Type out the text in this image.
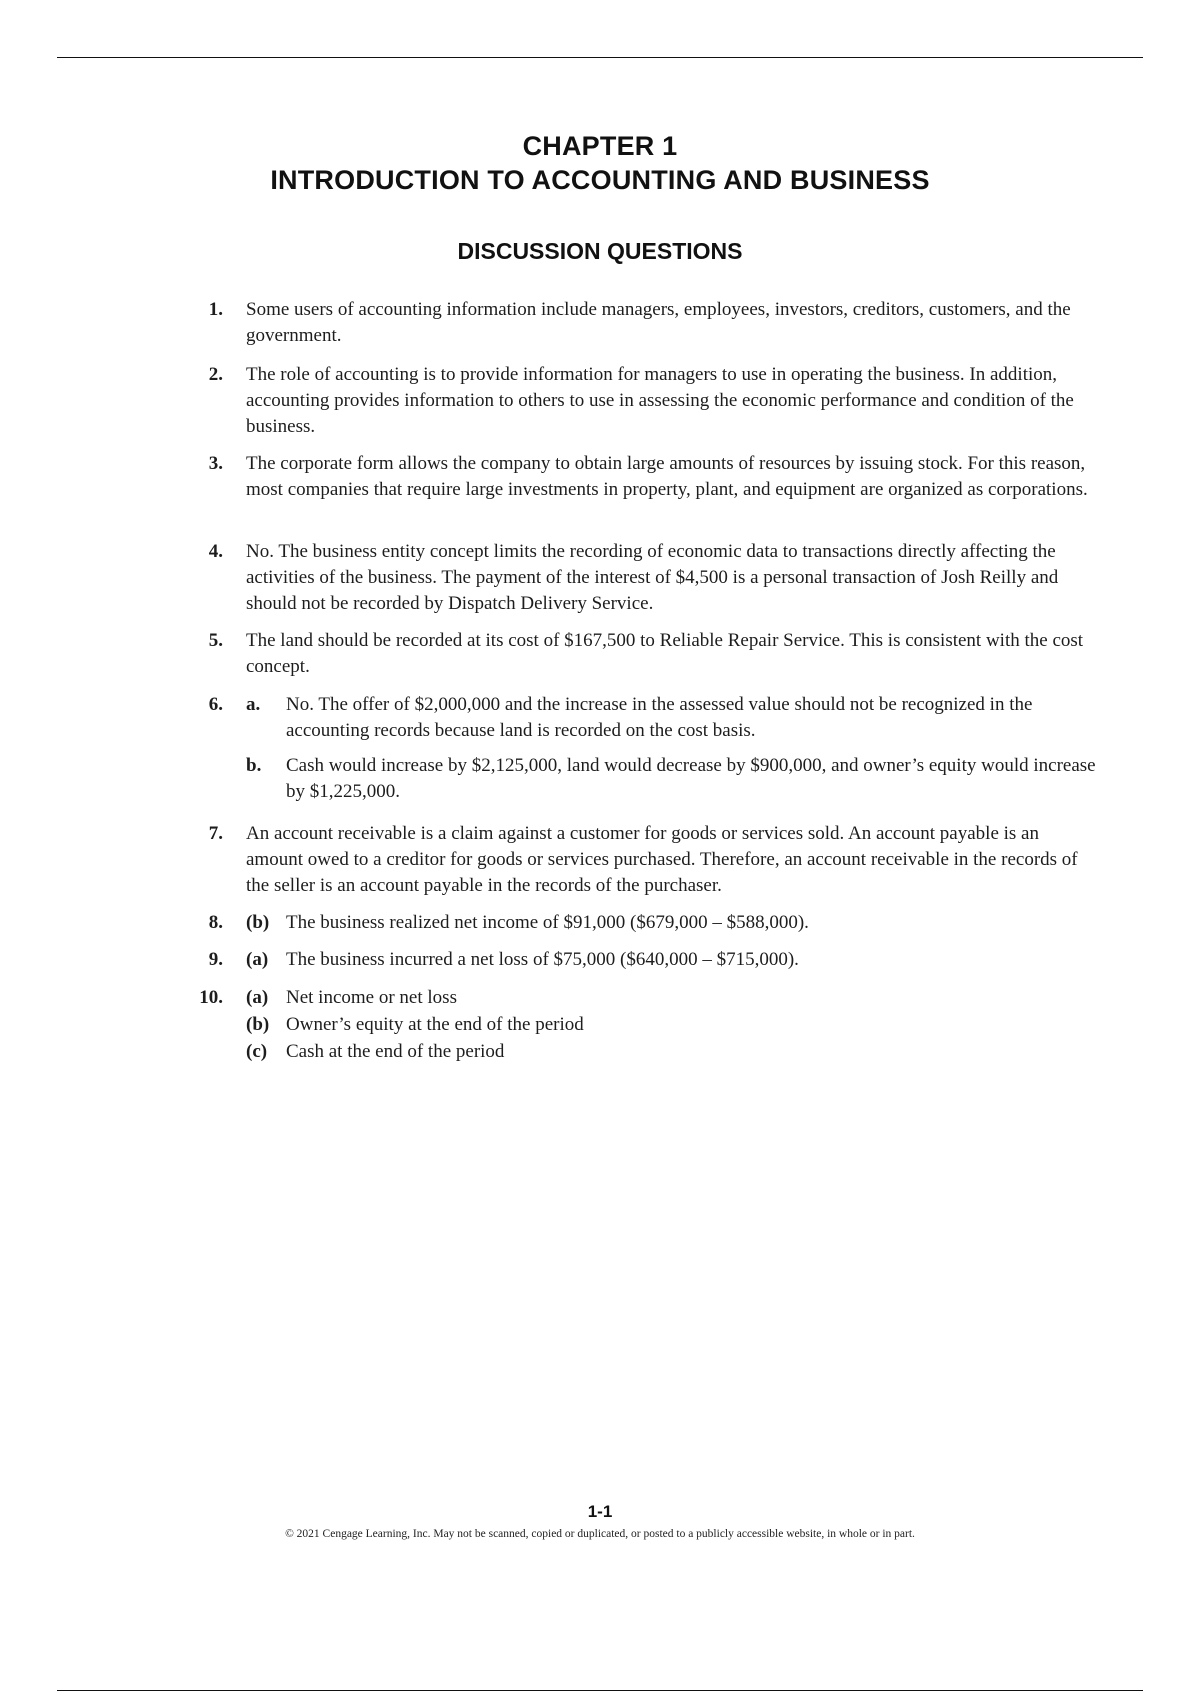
CHAPTER 1
INTRODUCTION TO ACCOUNTING AND BUSINESS
DISCUSSION QUESTIONS
1. Some users of accounting information include managers, employees, investors, creditors, customers, and the government.
2. The role of accounting is to provide information for managers to use in operating the business. In addition, accounting provides information to others to use in assessing the economic performance and condition of the business.
3. The corporate form allows the company to obtain large amounts of resources by issuing stock. For this reason, most companies that require large investments in property, plant, and equipment are organized as corporations.
4. No. The business entity concept limits the recording of economic data to transactions directly affecting the activities of the business. The payment of the interest of $4,500 is a personal transaction of Josh Reilly and should not be recorded by Dispatch Delivery Service.
5. The land should be recorded at its cost of $167,500 to Reliable Repair Service. This is consistent with the cost concept.
6. a. No. The offer of $2,000,000 and the increase in the assessed value should not be recognized in the accounting records because land is recorded on the cost basis.
b. Cash would increase by $2,125,000, land would decrease by $900,000, and owner’s equity would increase by $1,225,000.
7. An account receivable is a claim against a customer for goods or services sold. An account payable is an amount owed to a creditor for goods or services purchased. Therefore, an account receivable in the records of the seller is an account payable in the records of the purchaser.
8. (b) The business realized net income of $91,000 ($679,000 – $588,000).
9. (a) The business incurred a net loss of $75,000 ($640,000 – $715,000).
10. (a) Net income or net loss
(b) Owner’s equity at the end of the period
(c) Cash at the end of the period
1-1
© 2021 Cengage Learning, Inc. May not be scanned, copied or duplicated, or posted to a publicly accessible website, in whole or in part.
